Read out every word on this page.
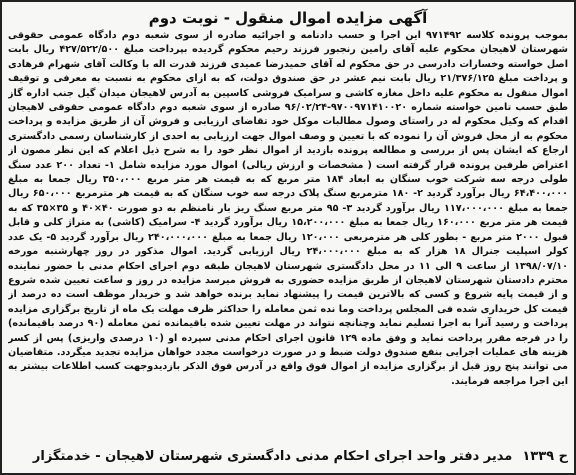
آگهی مزایده اموال منقول - نوبت دوم
بموجب پرونده کلاسه ۹۷۱۴۹۲ این اجرا و حسب دادنامه و اجرائیه صادره از سوی شعبه دوم دادگاه عمومی حقوقی شهرستان لاهیجان محکوم علیه آقای رامین رنجبور فرزند رحیم محکوم گردیده بپرداخت مبلغ ۴۲۷/۵۲۲/۵۰۰ ریال بابت اصل خواسته وخسارات دادرسی در حق محکوم له آقای حمیدرضا عمیدی فرزند قدرت اله با وکالت آقای شهرام فرهادی و پرداخت مبلغ ۲۱/۳۷۶/۱۲۵ ریال بابت نیم عشر در حق صندوق دولت، که به ازای محکوم به نسبت به معرفی و توقیف اموال منقول به محکوم علیه داخل مغازه کاشی و سرامیک فروشی کاسپین به آدرس لاهیجان میدان گیل جنب اداره گاز طبق حسب تامین خواسته شماره ۹۷۰۰۹۷۱۴۱۰۰۲۰-۹۶/۰۲/۲۴ صادره از سوی شعبه دوم دادگاه عمومی حقوقی لاهیجان اقدام که وکیل محکوم له در راستای وصول مطالبات موکل خود تقاضای ارزیابی و فروش آن از طریق مزایده و پرداخت محکوم به از محل فروش آن را نموده که با تعیین و وصف اموال جهت ارزیابی به احدی از کارشناسان رسمی دادگستری ارجاع که ایشان پس از بررسی و مطالعه پرونده بازدید از اموال نظر خود را به شرح ذیل اعلام که این نظر مصون از اعتراض طرفین پرونده قرار گرفته است ( مشخصات و ارزش ریالی) اموال مورد مزایده شامل ۱- تعداد ۲۰۰ عدد سنگ طولی درجه سه شرکت خوب سنگان به ابعاد ۱۸۴ متر مربع که به قیمت هر متر مربع ۳۵۰،۰۰۰ ریال جمعا به مبلغ ۶۴،۴۰۰،۰۰۰ ریال برآورد گردید ۲- ۱۸۰ مترمربع سنگ پلاک درجه سه خوب سنگان که به قیمت هر مترمربع ۶۵۰،۰۰۰ ریال جمعا به مبلغ ۱۱۷،۰۰۰،۰۰۰ ریال برآورد گردید ۳- ۹۵ متر مربع سنگ ریز بار نامنظم به دو صورت ۴۰×۴۰ و ۳۵×۳۵ که به قیمت هر متر مربع ۱۶۰،۰۰۰ ریال جمعا به مبلغ ۱۵،۲۰۰،۰۰۰ ریال برآورد گردید ۴- سرامیک (کاشی) به متراژ کلی و قابل قبول ۲۰۰۰ متر مربع - بطور کلی هر مترمربعی ۱۲۰،۰۰۰ ریال جمعا به مبلغ ۲۴۰،۰۰۰،۰۰۰ ریال برآورد گردید ۵- یک عدد کولر اسپلیت جنرال ۱۸ هزار که به مبلغ ۲۴،۰۰۰،۰۰۰ ریال ارزیابی گردید. اموال مذکور در روز چهارشنبه مورخه ۱۳۹۸/۰۷/۱۰ از ساعت ۹ الی ۱۱ در محل دادگستری شهرستان لاهیجان طبقه دوم اجرای احکام مدنی با حضور نماینده محترم دادستان شهرستان لاهیجان از طریق مزایده حضوری به فروش میرسد مزایده در روز و ساعت تعیین شده شروع و از قیمت پایه شروع و کسی که بالاترین قیمت را پیشنهاد نماید برنده خواهد شد و خریدار موظف است ده درصد از قیمت کل خریداری شده فی المجلس پرداخت وما نده ثمن معامله را حداکثر ظرف مهلت یک ماه از تاریخ برگزاری مزایده پرداخت و رسید آنرا به اجرا تسلیم نماید وچنانچه نتواند در مهلت تعیین شده باقیمانده ثمن معامله (۹۰ درصد باقیمانده) را در فرجه مقرر پرداخت نماید و وفق ماده ۱۲۹ قانون اجرای احکام مدنی سپرده او (۱۰ درصدی واریزی) پس از کسر هزینه های عملیات اجرایی بنفع صندوق دولت ضبط و در صورت درخواست مجدد خواهان مزایده تجدید میگردد. متقاضیان می توانند پنج روز قبل از برگزاری مزایده از اموال فوق واقع در آدرس فوق الذکر بازدیدوجهت کسب اطلاعات بیشتر به این اجرا مراجعه فرمایند.
ح ۱۳۳۹
مدیر دفتر واحد اجرای احکام مدنی دادگستری شهرستان لاهیجان - خدمتگزار
